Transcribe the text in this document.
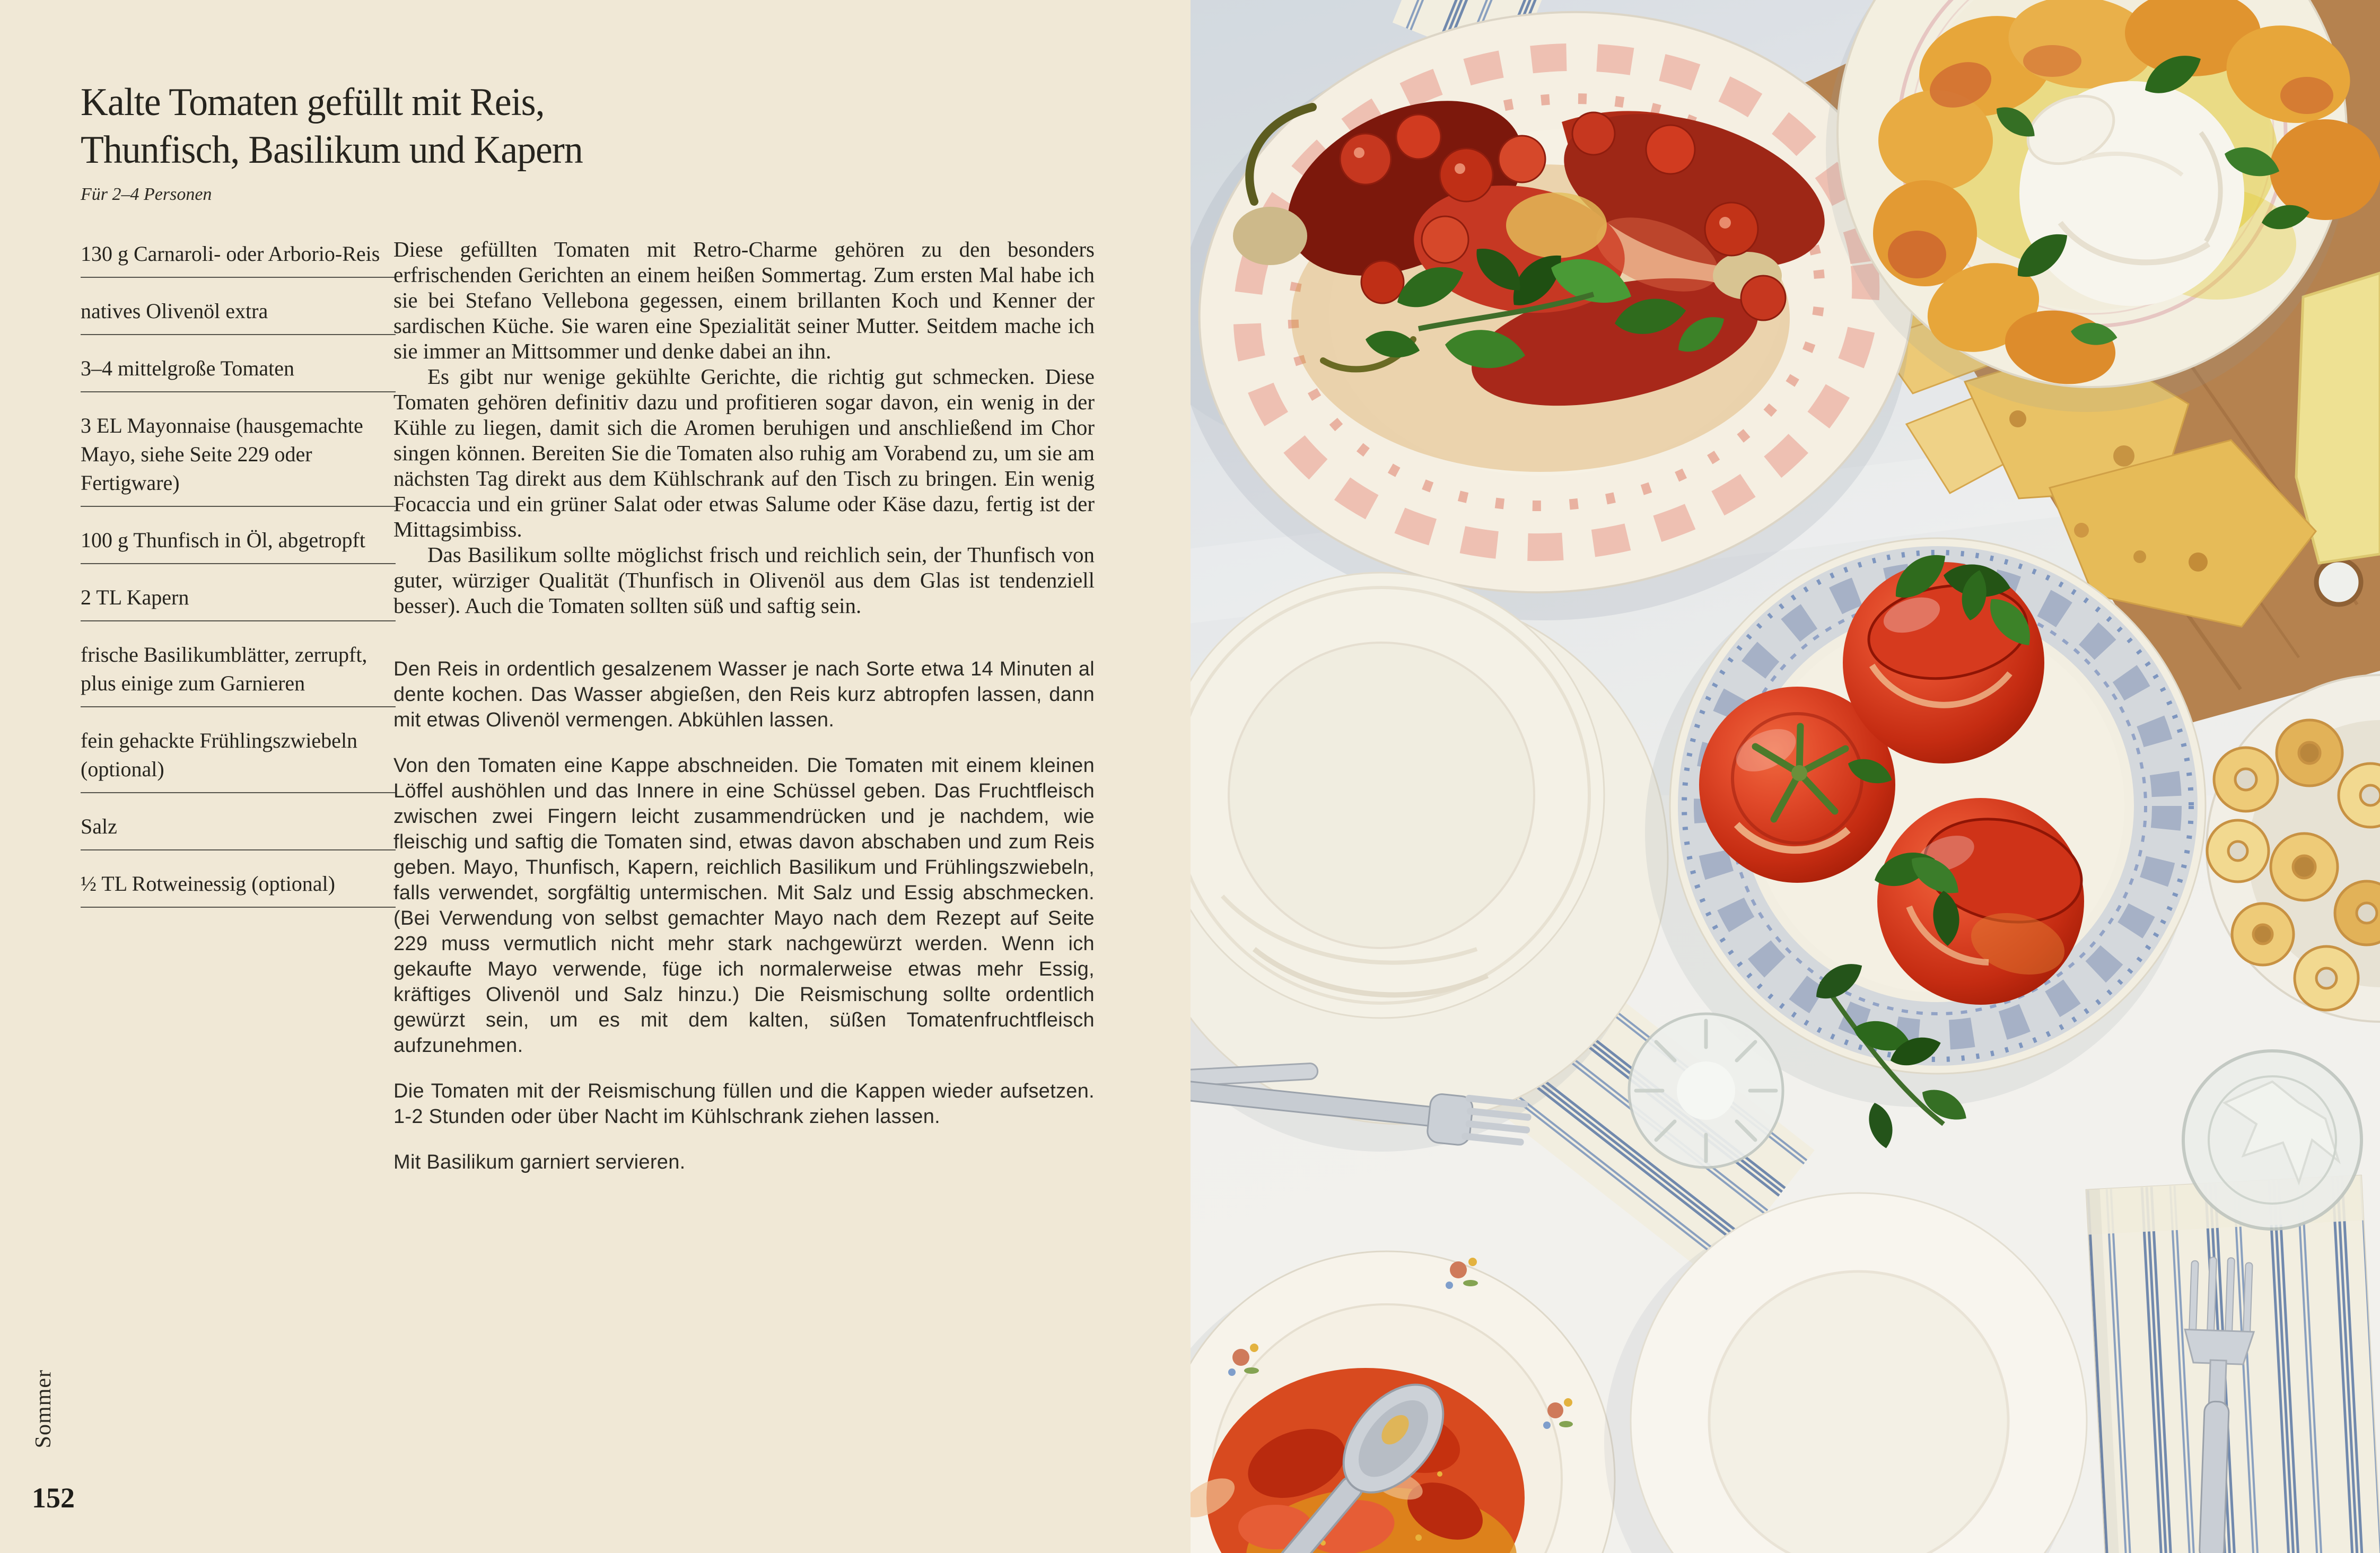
Kalte Tomaten gefüllt mit Reis,
Thunfisch, Basilikum und Kapern
Für 2–4 Personen
130 g Carnaroli- oder Arborio-Reis
natives Olivenöl extra
3–4 mittelgroße Tomaten
3 EL Mayonnaise (hausgemachte Mayo, siehe Seite 229 oder Fertigware)
100 g Thunfisch in Öl, abgetropft
2 TL Kapern
frische Basilikumblätter, zerrupft, plus einige zum Garnieren
fein gehackte Frühlingszwiebeln (optional)
Salz
½ TL Rotweinessig (optional)

Diese gefüllten Tomaten mit Retro-Charme gehören zu den besonders erfrischenden Gerichten an einem heißen Sommertag. Zum ersten Mal habe ich sie bei Stefano Vellebona gegessen, einem brillanten Koch und Kenner der sardischen Küche. Sie waren eine Spezialität seiner Mutter. Seitdem mache ich sie immer an Mittsommer und denke dabei an ihn.

Es gibt nur wenige gekühlte Gerichte, die richtig gut schmecken. Diese Tomaten gehören definitiv dazu und profitieren sogar davon, ein wenig in der Kühle zu liegen, damit sich die Aromen beruhigen und anschließend im Chor singen können. Bereiten Sie die Tomaten also ruhig am Vorabend zu, um sie am nächsten Tag direkt aus dem Kühlschrank auf den Tisch zu bringen. Ein wenig Focaccia und ein grüner Salat oder etwas Salume oder Käse dazu, fertig ist der Mittagsimbiss.

Das Basilikum sollte möglichst frisch und reichlich sein, der Thunfisch von guter, würziger Qualität (Thunfisch in Olivenöl aus dem Glas ist tendenziell besser). Auch die Tomaten sollten süß und saftig sein.

Den Reis in ordentlich gesalzenem Wasser je nach Sorte etwa 14 Minuten al dente kochen. Das Wasser abgießen, den Reis kurz abtropfen lassen, dann mit etwas Olivenöl vermengen. Abkühlen lassen.

Von den Tomaten eine Kappe abschneiden. Die Tomaten mit einem kleinen Löffel aushöhlen und das Innere in eine Schüssel geben. Das Fruchtfleisch zwischen zwei Fingern leicht zusammendrücken und je nachdem, wie fleischig und saftig die Tomaten sind, etwas davon abschaben und zum Reis geben. Mayo, Thunfisch, Kapern, reichlich Basilikum und Frühlingszwiebeln, falls verwendet, sorgfältig untermischen. Mit Salz und Essig abschmecken. (Bei Verwendung von selbst gemachter Mayo nach dem Rezept auf Seite 229 muss vermutlich nicht mehr stark nachgewürzt werden. Wenn ich gekaufte Mayo verwende, füge ich normalerweise etwas mehr Essig, kräftiges Olivenöl und Salz hinzu.) Die Reismischung sollte ordentlich gewürzt sein, um es mit dem kalten, süßen Tomatenfruchtfleisch aufzunehmen.

Die Tomaten mit der Reismischung füllen und die Kappen wieder aufsetzen. 1-2 Stunden oder über Nacht im Kühlschrank ziehen lassen.

Mit Basilikum garniert servieren.

Sommer
152
